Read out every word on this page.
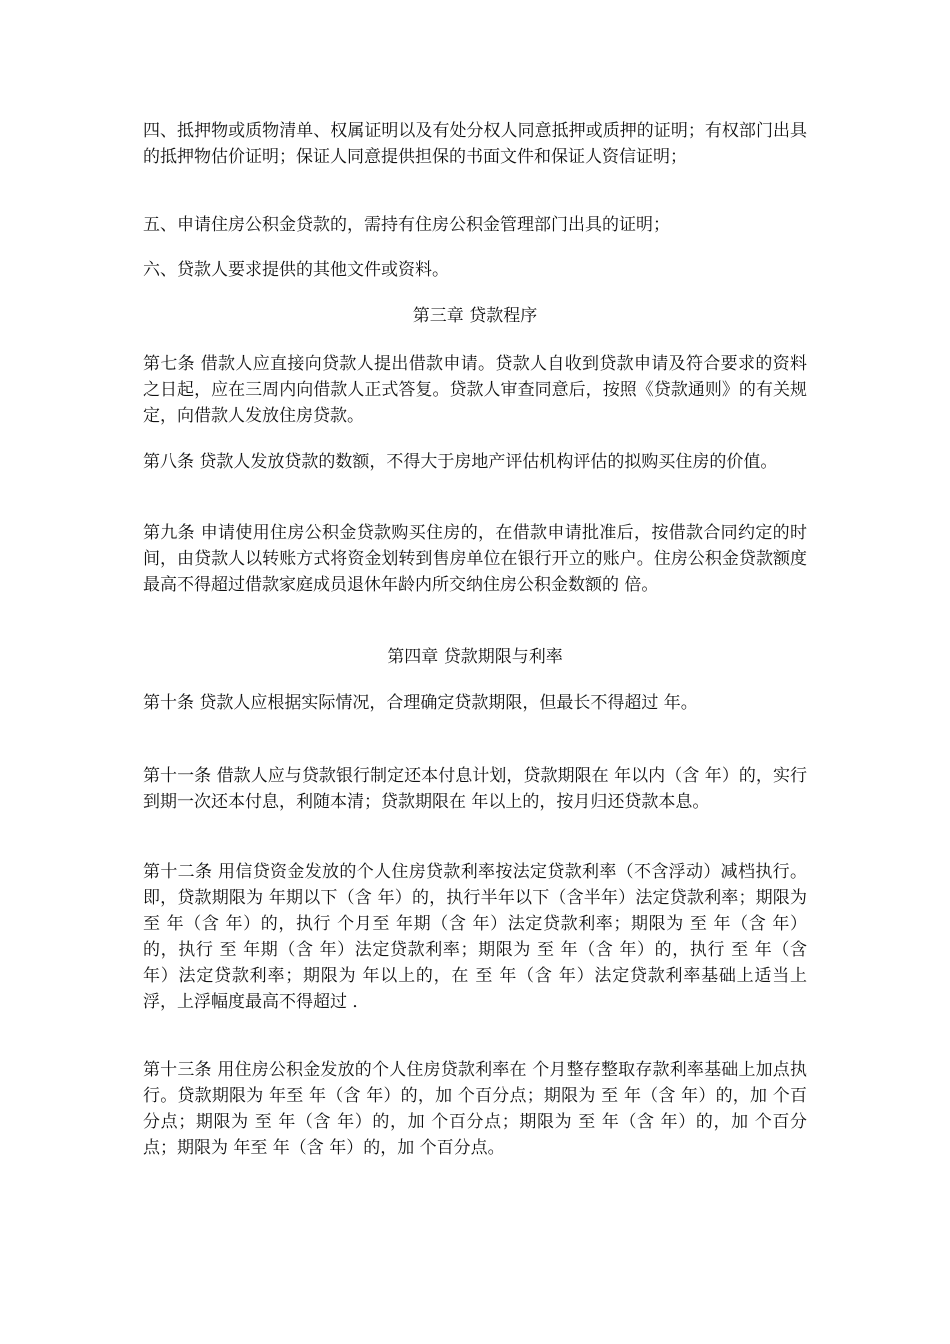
四、抵押物或质物清单、权属证明以及有处分权人同意抵押或质押的证明；有权部门出具的抵押物估价证明；保证人同意提供担保的书面文件和保证人资信证明；
五、申请住房公积金贷款的，需持有住房公积金管理部门出具的证明；
六、贷款人要求提供的其他文件或资料。
第三章 贷款程序
第七条 借款人应直接向贷款人提出借款申请。贷款人自收到贷款申请及符合要求的资料之日起，应在三周内向借款人正式答复。贷款人审查同意后，按照《贷款通则》的有关规定，向借款人发放住房贷款。
第八条 贷款人发放贷款的数额，不得大于房地产评估机构评估的拟购买住房的价值。
第九条 申请使用住房公积金贷款购买住房的，在借款申请批准后，按借款合同约定的时间，由贷款人以转账方式将资金划转到售房单位在银行开立的账户。住房公积金贷款额度最高不得超过借款家庭成员退休年龄内所交纳住房公积金数额的 倍。
第四章 贷款期限与利率
第十条 贷款人应根据实际情况，合理确定贷款期限，但最长不得超过 年。
第十一条 借款人应与贷款银行制定还本付息计划，贷款期限在 年以内（含 年）的，实行到期一次还本付息，利随本清；贷款期限在 年以上的，按月归还贷款本息。
第十二条 用信贷资金发放的个人住房贷款利率按法定贷款利率（不含浮动）减档执行。即，贷款期限为 年期以下（含 年）的，执行半年以下（含半年）法定贷款利率；期限为 至 年（含 年）的，执行 个月至 年期（含 年）法定贷款利率；期限为 至 年（含 年）的，执行 至 年期（含 年）法定贷款利率；期限为 至 年（含 年）的，执行 至 年（含 年）法定贷款利率；期限为 年以上的，在 至 年（含 年）法定贷款利率基础上适当上浮，上浮幅度最高不得超过 ．
第十三条 用住房公积金发放的个人住房贷款利率在 个月整存整取存款利率基础上加点执行。贷款期限为 年至 年（含 年）的，加 个百分点；期限为 至 年（含 年）的，加 个百分点；期限为 至 年（含 年）的，加 个百分点；期限为 至 年（含 年）的，加 个百分点；期限为 年至 年（含 年）的，加 个百分点。
